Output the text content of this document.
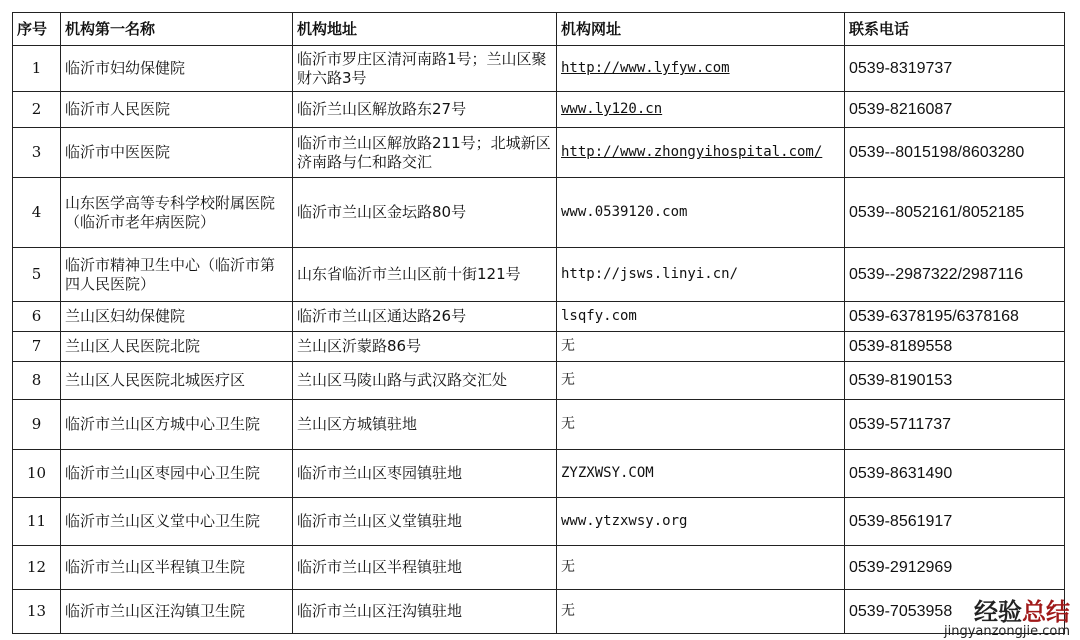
序号	机构第一名称	机构地址	机构网址	联系电话
1	临沂市妇幼保健院	临沂市罗庄区清河南路1号；兰山区聚财六路3号	http://www.lyfyw.com	0539-8319737
2	临沂市人民医院	临沂兰山区解放路东27号	www.ly120.cn	0539-8216087
3	临沂市中医医院	临沂市兰山区解放路211号；北城新区济南路与仁和路交汇	http://www.zhongyihospital.com/	0539--8015198/8603280
4	山东医学高等专科学校附属医院（临沂市老年病医院）	临沂市兰山区金坛路80号	www.0539120.com	0539--8052161/8052185
5	临沂市精神卫生中心（临沂市第四人民医院）	山东省临沂市兰山区前十街121号	http://jsws.linyi.cn/	0539--2987322/2987116
6	兰山区妇幼保健院	临沂市兰山区通达路26号	lsqfy.com	0539-6378195/6378168
7	兰山区人民医院北院	兰山区沂蒙路86号	无	0539-8189558
8	兰山区人民医院北城医疗区	兰山区马陵山路与武汉路交汇处	无	0539-8190153
9	临沂市兰山区方城中心卫生院	兰山区方城镇驻地	无	0539-5711737
10	临沂市兰山区枣园中心卫生院	临沂市兰山区枣园镇驻地	ZYZXWSY.COM	0539-8631490
11	临沂市兰山区义堂中心卫生院	临沂市兰山区义堂镇驻地	www.ytzxwsy.org	0539-8561917
12	临沂市兰山区半程镇卫生院	临沂市兰山区半程镇驻地	无	0539-2912969
13	临沂市兰山区汪沟镇卫生院	临沂市兰山区汪沟镇驻地	无	0539-7053958 经验总结
jingyanzongjie.com
